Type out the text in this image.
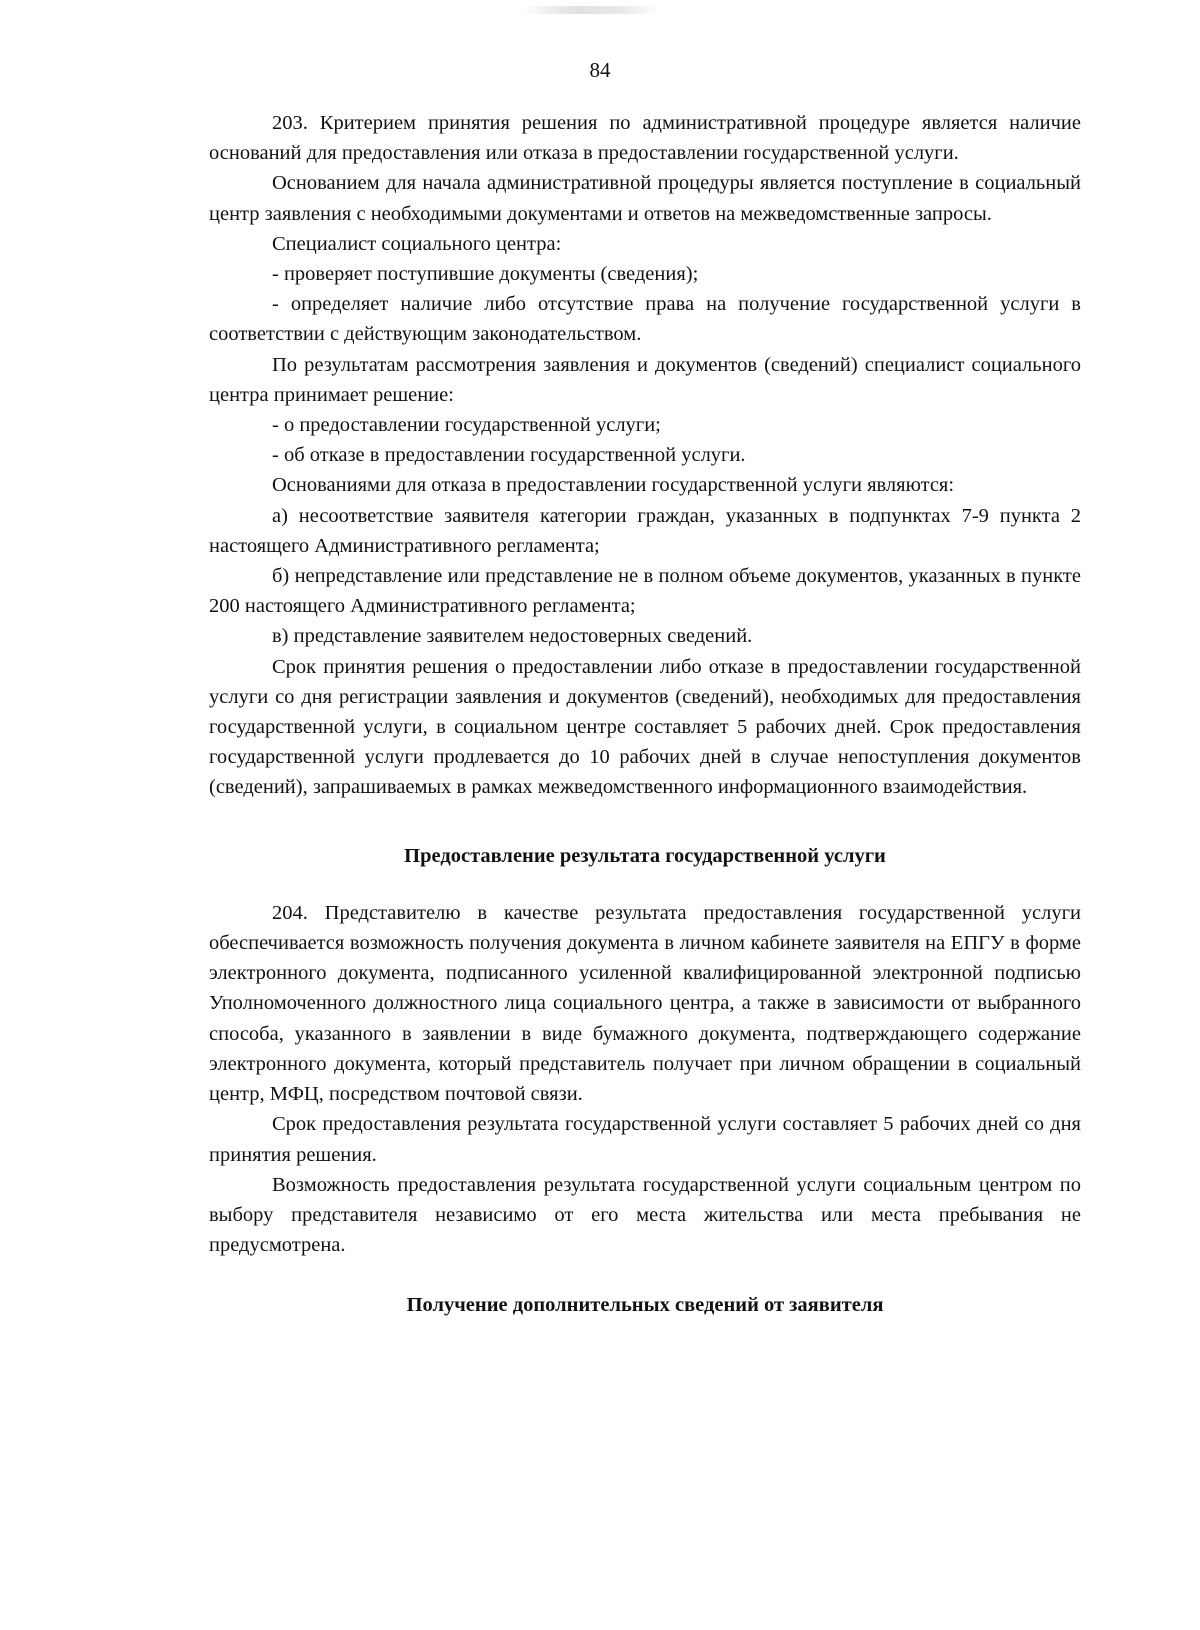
84

203. Критерием принятия решения по административной процедуре является наличие оснований для предоставления или отказа в предоставлении государственной услуги.

Основанием для начала административной процедуры является поступление в социальный центр заявления с необходимыми документами и ответов на межведомственные запросы.

Специалист социального центра:

- проверяет поступившие документы (сведения);

- определяет наличие либо отсутствие права на получение государственной услуги в соответствии с действующим законодательством.

По результатам рассмотрения заявления и документов (сведений) специалист социального центра принимает решение:

- о предоставлении государственной услуги;

- об отказе в предоставлении государственной услуги.

Основаниями для отказа в предоставлении государственной услуги являются:

а) несоответствие заявителя категории граждан, указанных в подпунктах 7-9 пункта 2 настоящего Административного регламента;

б) непредставление или представление не в полном объеме документов, указанных в пункте 200 настоящего Административного регламента;

в) представление заявителем недостоверных сведений.

Срок принятия решения о предоставлении либо отказе в предоставлении государственной услуги со дня регистрации заявления и документов (сведений), необходимых для предоставления государственной услуги, в социальном центре составляет 5 рабочих дней. Срок предоставления государственной услуги продлевается до 10 рабочих дней в случае непоступления документов (сведений), запрашиваемых в рамках межведомственного информационного взаимодействия.

Предоставление результата государственной услуги

204. Представителю в качестве результата предоставления государственной услуги обеспечивается возможность получения документа в личном кабинете заявителя на ЕПГУ в форме электронного документа, подписанного усиленной квалифицированной электронной подписью Уполномоченного должностного лица социального центра, а также в зависимости от выбранного способа, указанного в заявлении в виде бумажного документа, подтверждающего содержание электронного документа, который представитель получает при личном обращении в социальный центр, МФЦ, посредством почтовой связи.

Срок предоставления результата государственной услуги составляет 5 рабочих дней со дня принятия решения.

Возможность предоставления результата государственной услуги социальным центром по выбору представителя независимо от его места жительства или места пребывания не предусмотрена.

Получение дополнительных сведений от заявителя
